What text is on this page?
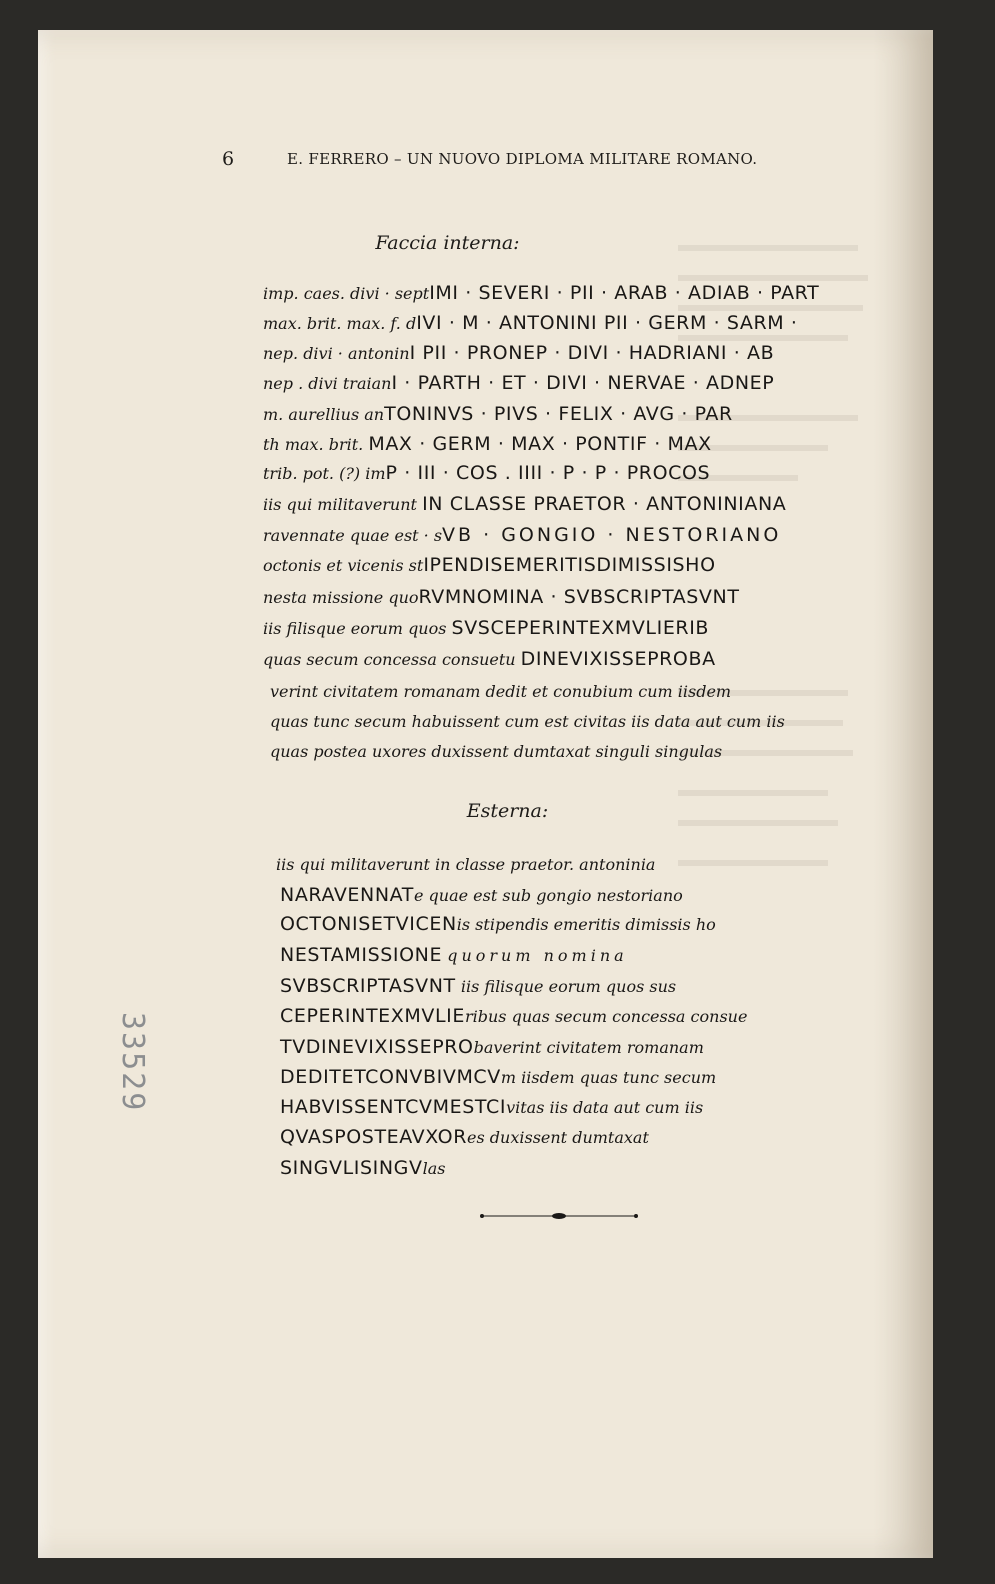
6	E. FERRERO – UN NUOVO DIPLOMA MILITARE ROMANO.
Faccia interna:
imp. caes. divi · septIMI · SEVERI · PII · ARAB · ADIAB · PART
max. brit. max. f. dIVI · M · ANTONINI PII · GERM · SARM ·
nep. divi · antoninI PII · PRONEP · DIVI · HADRIANI · AB
nep . divi traianI · PARTH · ET · DIVI · NERVAE · ADNEP
m. aurellius anTONINVS · PIVS · FELIX · AVG · PAR
th max. brit. MAX · GERM · MAX · PONTIF · MAX
trib. pot. (?) imP · III · COS . IIII · P · P · PROCOS
iis qui militaverunt IN CLASSE PRAETOR · ANTONINIANA
ravennate quae est · sVB · GONGIO · NESTORIANO
octonis et vicenis stIPENDISEMERITISDIMISSISHO
nesta missione quoRVMNOMINA · SVBSCRIPTASVNT
iis filisque eorum quos SVSCEPERINTEXMVLIERIB
quas secum concessa consuetu DINEVIXISSEPROBA
verint civitatem romanam dedit et conubium cum iisdem
quas tunc secum habuissent cum est civitas iis data aut cum iis
quas postea uxores duxissent dumtaxat singuli singulas
Esterna:
iis qui militaverunt in classe praetor. antoninia
NARAVENNATe quae est sub gongio nestoriano
OCTONISETVICENis stipendis emeritis dimissis ho
NESTAMISSIONE quorum nomina
SVBSCRIPTASVNT iis filisque eorum quos sus
CEPERINTEXMVLIEribus quas secum concessa consue
TVDINEVIXISSEPRObaverint civitatem romanam
DEDITETCONVBIVMCVm iisdem quas tunc secum
HABVISSENTCVMESTCIvitas iis data aut cum iis
QVASPOSTEAVXORes duxissent dumtaxat
SINGVLISINGVlas
33529
